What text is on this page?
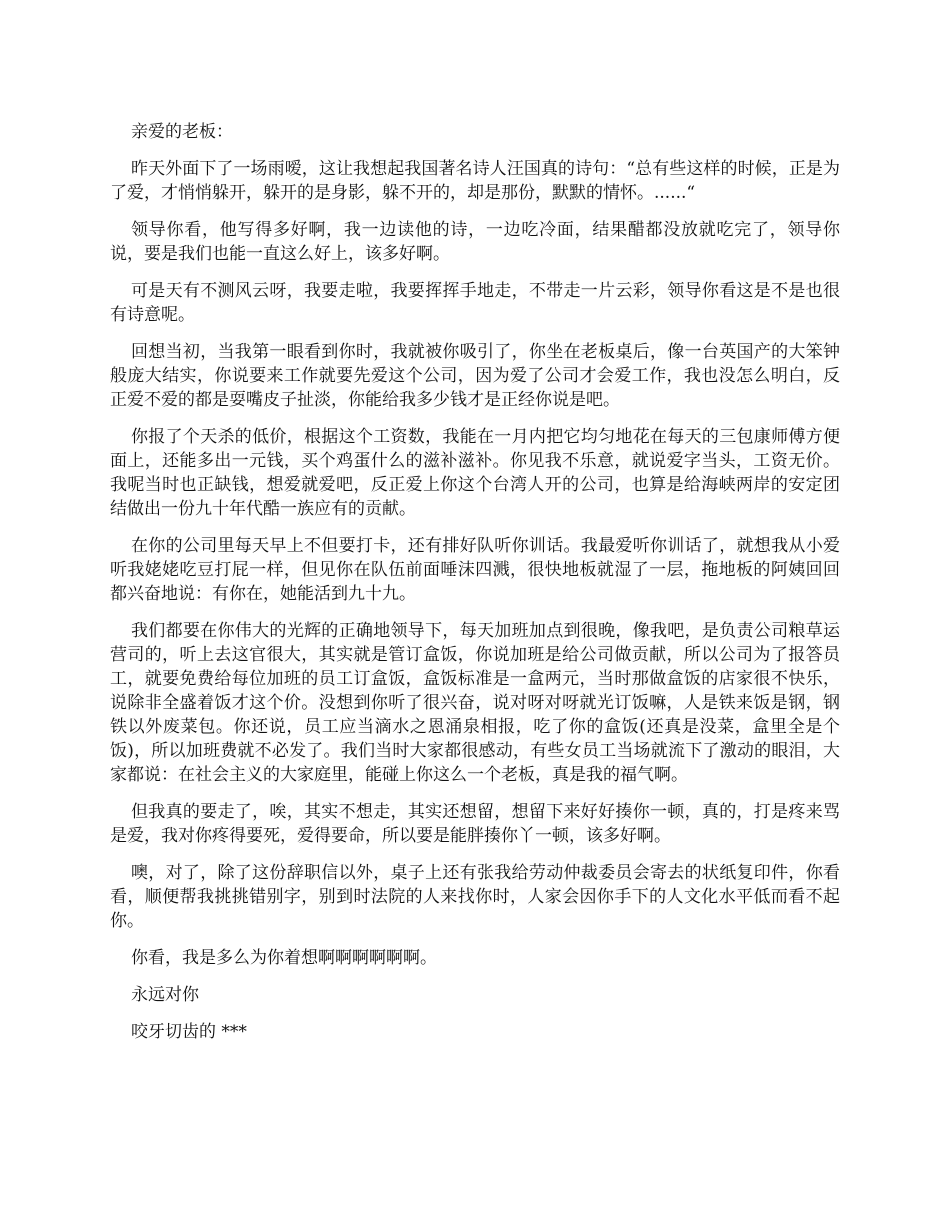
亲爱的老板：

昨天外面下了一场雨嗳，这让我想起我国著名诗人汪国真的诗句：“总有些这样的时候，正是为了爱，才悄悄躲开，躲开的是身影，躲不开的，却是那份，默默的情怀。......“

领导你看，他写得多好啊，我一边读他的诗，一边吃冷面，结果醋都没放就吃完了，领导你说，要是我们也能一直这么好上，该多好啊。

可是天有不测风云呀，我要走啦，我要挥挥手地走，不带走一片云彩，领导你看这是不是也很有诗意呢。

回想当初，当我第一眼看到你时，我就被你吸引了，你坐在老板桌后，像一台英国产的大笨钟般庞大结实，你说要来工作就要先爱这个公司，因为爱了公司才会爱工作，我也没怎么明白，反正爱不爱的都是耍嘴皮子扯淡，你能给我多少钱才是正经你说是吧。

你报了个天杀的低价，根据这个工资数，我能在一月内把它均匀地花在每天的三包康师傅方便面上，还能多出一元钱，买个鸡蛋什么的滋补滋补。你见我不乐意，就说爱字当头，工资无价。我呢当时也正缺钱，想爱就爱吧，反正爱上你这个台湾人开的公司，也算是给海峡两岸的安定团结做出一份九十年代酷一族应有的贡献。

在你的公司里每天早上不但要打卡，还有排好队听你训话。我最爱听你训话了，就想我从小爱听我姥姥吃豆打屁一样，但见你在队伍前面唾沫四溅，很快地板就湿了一层，拖地板的阿姨回回都兴奋地说：有你在，她能活到九十九。

我们都要在你伟大的光辉的正确地领导下，每天加班加点到很晚，像我吧，是负责公司粮草运营司的，听上去这官很大，其实就是管订盒饭，你说加班是给公司做贡献，所以公司为了报答员工，就要免费给每位加班的员工订盒饭，盒饭标准是一盒两元，当时那做盒饭的店家很不快乐，说除非全盛着饭才这个价。没想到你听了很兴奋，说对呀对呀就光订饭嘛，人是铁来饭是钢，钢铁以外废菜包。你还说，员工应当滴水之恩涌泉相报，吃了你的盒饭(还真是没菜，盒里全是个饭)，所以加班费就不必发了。我们当时大家都很感动，有些女员工当场就流下了激动的眼泪，大家都说：在社会主义的大家庭里，能碰上你这么一个老板，真是我的福气啊。

但我真的要走了，唉，其实不想走，其实还想留，想留下来好好揍你一顿，真的，打是疼来骂是爱，我对你疼得要死，爱得要命，所以要是能胖揍你丫一顿，该多好啊。

噢，对了，除了这份辞职信以外，桌子上还有张我给劳动仲裁委员会寄去的状纸复印件，你看看，顺便帮我挑挑错别字，别到时法院的人来找你时，人家会因你手下的人文化水平低而看不起你。

你看，我是多么为你着想啊啊啊啊啊啊。

永远对你

咬牙切齿的 ***
